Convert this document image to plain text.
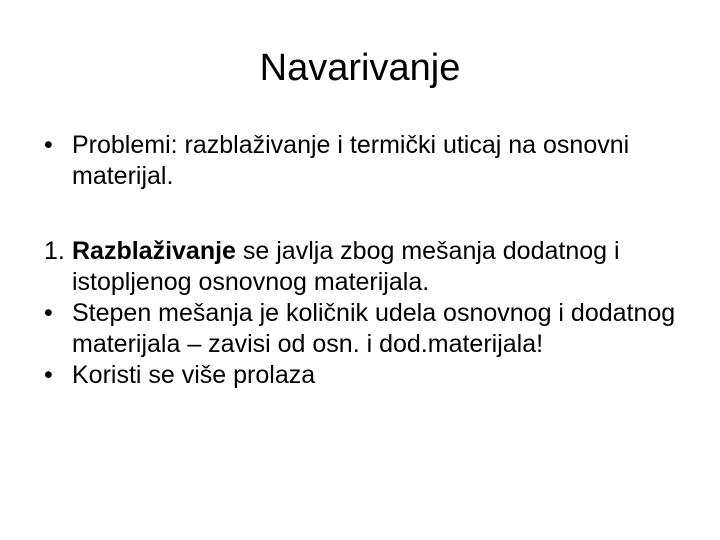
Navarivanje
• Problemi: razblaživanje i termički uticaj na osnovni materijal.
1. Razblaživanje se javlja zbog mešanja dodatnog i istopljenog osnovnog materijala.
• Stepen mešanja je količnik udela osnovnog i dodatnog materijala – zavisi od osn. i dod.materijala!
• Koristi se više prolaza
